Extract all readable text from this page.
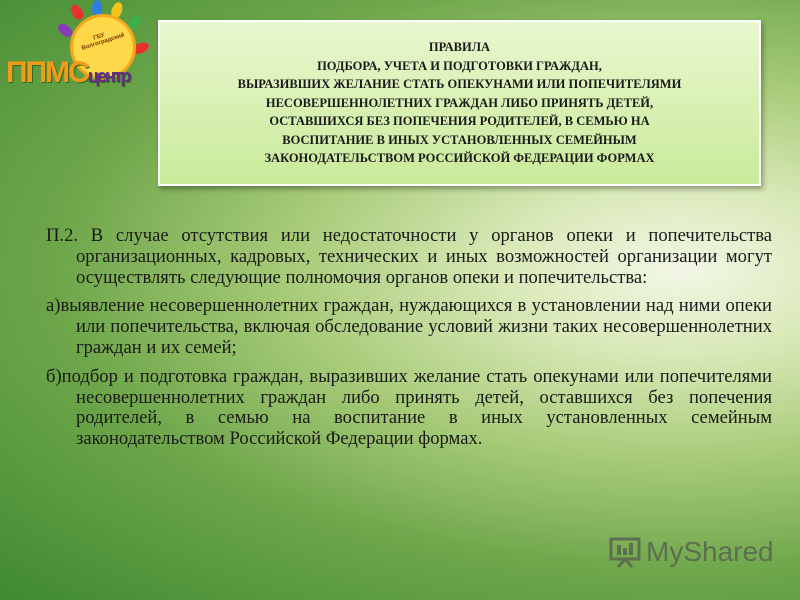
ГБУ Волгоградский
ППМСцентр
ПРАВИЛА
ПОДБОРА, УЧЕТА И ПОДГОТОВКИ ГРАЖДАН,
ВЫРАЗИВШИХ ЖЕЛАНИЕ СТАТЬ ОПЕКУНАМИ ИЛИ ПОПЕЧИТЕЛЯМИ
НЕСОВЕРШЕННОЛЕТНИХ ГРАЖДАН ЛИБО ПРИНЯТЬ ДЕТЕЙ,
ОСТАВШИХСЯ БЕЗ ПОПЕЧЕНИЯ РОДИТЕЛЕЙ, В СЕМЬЮ НА
ВОСПИТАНИЕ В ИНЫХ УСТАНОВЛЕННЫХ СЕМЕЙНЫМ
ЗАКОНОДАТЕЛЬСТВОМ РОССИЙСКОЙ ФЕДЕРАЦИИ ФОРМАХ

П.2. В случае отсутствия или недостаточности у органов опеки и попечительства организационных, кадровых, технических и иных возможностей организации могут осуществлять следующие полномочия органов опеки и попечительства:

а)выявление несовершеннолетних граждан, нуждающихся в установлении над ними опеки или попечительства, включая обследование условий жизни таких несовершеннолетних граждан и их семей;

б)подбор и подготовка граждан, выразивших желание стать опекунами или попечителями несовершеннолетних граждан либо принять детей, оставшихся без попечения родителей, в семью на воспитание в иных установленных семейным законодательством Российской Федерации формах.

MyShared
